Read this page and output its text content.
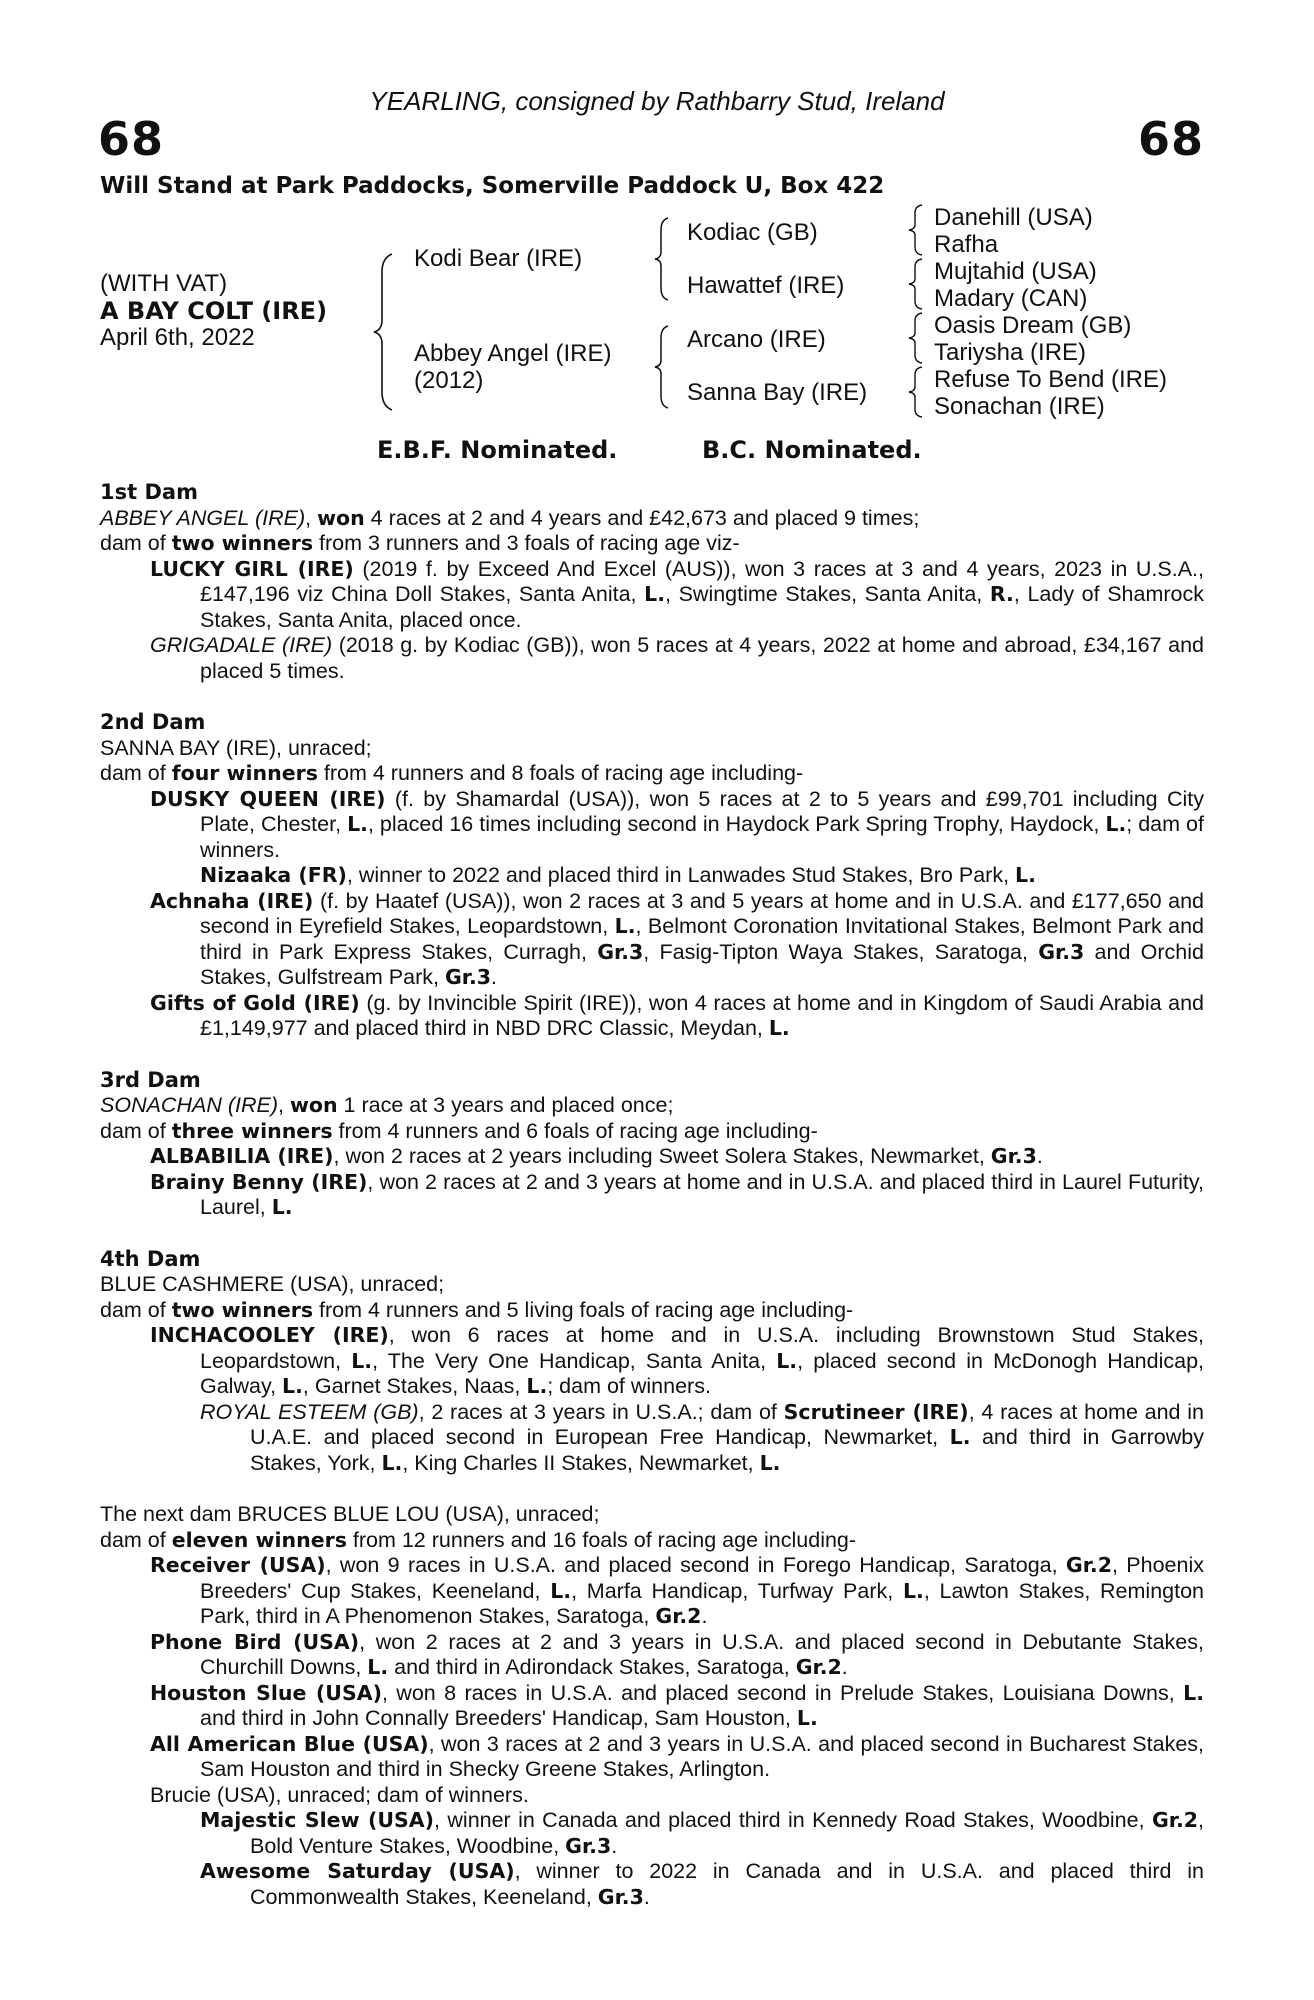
YEARLING, consigned by Rathbarry Stud, Ireland
68	68
Will Stand at Park Paddocks, Somerville Paddock U, Box 422
(WITH VAT)
A BAY COLT (IRE)
April 6th, 2022
Kodi Bear (IRE)
Abbey Angel (IRE)
(2012)
Kodiac (GB)
Hawattef (IRE)
Arcano (IRE)
Sanna Bay (IRE)
Danehill (USA)
Rafha
Mujtahid (USA)
Madary (CAN)
Oasis Dream (GB)
Tariysha (IRE)
Refuse To Bend (IRE)
Sonachan (IRE)
E.B.F. Nominated.	B.C. Nominated.
1st Dam
ABBEY ANGEL (IRE), won 4 races at 2 and 4 years and £42,673 and placed 9 times;
dam of two winners from 3 runners and 3 foals of racing age viz-

LUCKY GIRL (IRE) (2019 f. by Exceed And Excel (AUS)), won 3 races at 3 and 4 years, 2023 in U.S.A., £147,196 viz China Doll Stakes, Santa Anita, L., Swingtime Stakes, Santa Anita, R., Lady of Shamrock Stakes, Santa Anita, placed once.

GRIGADALE (IRE) (2018 g. by Kodiac (GB)), won 5 races at 4 years, 2022 at home and abroad, £34,167 and placed 5 times.

2nd Dam
SANNA BAY (IRE), unraced;
dam of four winners from 4 runners and 8 foals of racing age including-

DUSKY QUEEN (IRE) (f. by Shamardal (USA)), won 5 races at 2 to 5 years and £99,701 including City Plate, Chester, L., placed 16 times including second in Haydock Park Spring Trophy, Haydock, L.; dam of winners.

Nizaaka (FR), winner to 2022 and placed third in Lanwades Stud Stakes, Bro Park, L.

Achnaha (IRE) (f. by Haatef (USA)), won 2 races at 3 and 5 years at home and in U.S.A. and £177,650 and second in Eyrefield Stakes, Leopardstown, L., Belmont Coronation Invitational Stakes, Belmont Park and third in Park Express Stakes, Curragh, Gr.3, Fasig-Tipton Waya Stakes, Saratoga, Gr.3 and Orchid Stakes, Gulfstream Park, Gr.3.

Gifts of Gold (IRE) (g. by Invincible Spirit (IRE)), won 4 races at home and in Kingdom of Saudi Arabia and £1,149,977 and placed third in NBD DRC Classic, Meydan, L.

3rd Dam
SONACHAN (IRE), won 1 race at 3 years and placed once;
dam of three winners from 4 runners and 6 foals of racing age including-

ALBABILIA (IRE), won 2 races at 2 years including Sweet Solera Stakes, Newmarket, Gr.3.

Brainy Benny (IRE), won 2 races at 2 and 3 years at home and in U.S.A. and placed third in Laurel Futurity, Laurel, L.

4th Dam
BLUE CASHMERE (USA), unraced;
dam of two winners from 4 runners and 5 living foals of racing age including-

INCHACOOLEY (IRE), won 6 races at home and in U.S.A. including Brownstown Stud Stakes, Leopardstown, L., The Very One Handicap, Santa Anita, L., placed second in McDonogh Handicap, Galway, L., Garnet Stakes, Naas, L.; dam of winners.

ROYAL ESTEEM (GB), 2 races at 3 years in U.S.A.; dam of Scrutineer (IRE), 4 races at home and in U.A.E. and placed second in European Free Handicap, Newmarket, L. and third in Garrowby Stakes, York, L., King Charles II Stakes, Newmarket, L.

The next dam BRUCES BLUE LOU (USA), unraced;
dam of eleven winners from 12 runners and 16 foals of racing age including-

Receiver (USA), won 9 races in U.S.A. and placed second in Forego Handicap, Saratoga, Gr.2, Phoenix Breeders' Cup Stakes, Keeneland, L., Marfa Handicap, Turfway Park, L., Lawton Stakes, Remington Park, third in A Phenomenon Stakes, Saratoga, Gr.2.

Phone Bird (USA), won 2 races at 2 and 3 years in U.S.A. and placed second in Debutante Stakes, Churchill Downs, L. and third in Adirondack Stakes, Saratoga, Gr.2.

Houston Slue (USA), won 8 races in U.S.A. and placed second in Prelude Stakes, Louisiana Downs, L. and third in John Connally Breeders' Handicap, Sam Houston, L.

All American Blue (USA), won 3 races at 2 and 3 years in U.S.A. and placed second in Bucharest Stakes, Sam Houston and third in Shecky Greene Stakes, Arlington.

Brucie (USA), unraced; dam of winners.

Majestic Slew (USA), winner in Canada and placed third in Kennedy Road Stakes, Woodbine, Gr.2, Bold Venture Stakes, Woodbine, Gr.3.

Awesome Saturday (USA), winner to 2022 in Canada and in U.S.A. and placed third in Commonwealth Stakes, Keeneland, Gr.3.
